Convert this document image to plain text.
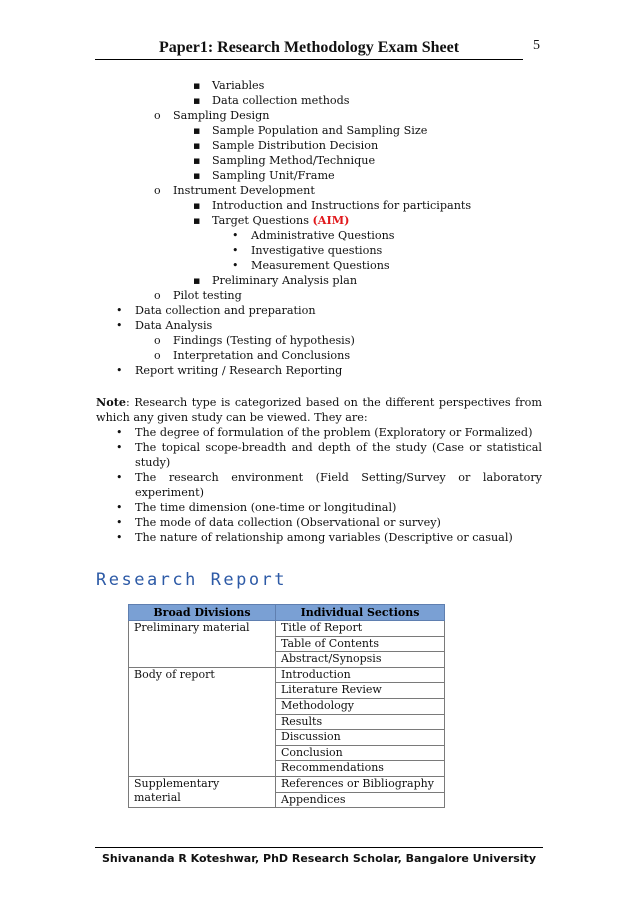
Paper1: Research Methodology Exam Sheet	5
▪ Variables
▪ Data collection methods
o Sampling Design
▪ Sample Population and Sampling Size
▪ Sample Distribution Decision
▪ Sampling Method/Technique
▪ Sampling Unit/Frame
o Instrument Development
▪ Introduction and Instructions for participants
▪ Target Questions (AIM)
• Administrative Questions
• Investigative questions
• Measurement Questions
▪ Preliminary Analysis plan
o Pilot testing
• Data collection and preparation
• Data Analysis
o Findings (Testing of hypothesis)
o Interpretation and Conclusions
• Report writing / Research Reporting
Note: Research type is categorized based on the different perspectives from
which any given study can be viewed. They are:
• The degree of formulation of the problem (Exploratory or Formalized)
• The topical scope-breadth and depth of the study (Case or statistical
study)
• The research environment (Field Setting/Survey or laboratory
experiment)
• The time dimension (one-time or longitudinal)
• The mode of data collection (Observational or survey)
• The nature of relationship among variables (Descriptive or casual)
Research Report
Broad Divisions	Individual Sections
Preliminary material	Title of Report
	Table of Contents
	Abstract/Synopsis
Body of report	Introduction
	Literature Review
	Methodology
	Results
	Discussion
	Conclusion
	Recommendations
Supplementary
material	References or Bibliography
	Appendices
Shivananda R Koteshwar, PhD Research Scholar, Bangalore University
